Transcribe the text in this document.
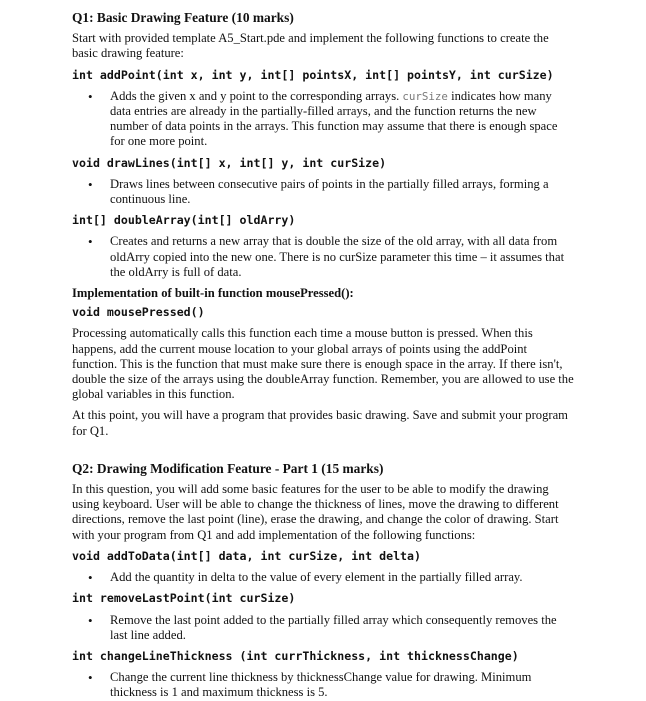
Q1: Basic Drawing Feature (10 marks)
Start with provided template A5_Start.pde and implement the following functions to create the basic drawing feature:
int addPoint(int x, int y, int[] pointsX, int[] pointsY, int curSize)
• Adds the given x and y point to the corresponding arrays. curSize indicates how many data entries are already in the partially-filled arrays, and the function returns the new number of data points in the arrays. This function may assume that there is enough space for one more point.
void drawLines(int[] x, int[] y, int curSize)
• Draws lines between consecutive pairs of points in the partially filled arrays, forming a continuous line.
int[] doubleArray(int[] oldArry)
• Creates and returns a new array that is double the size of the old array, with all data from oldArry copied into the new one. There is no curSize parameter this time – it assumes that the oldArry is full of data.
Implementation of built-in function mousePressed():
void mousePressed()
Processing automatically calls this function each time a mouse button is pressed. When this happens, add the current mouse location to your global arrays of points using the addPoint function. This is the function that must make sure there is enough space in the array. If there isn't, double the size of the arrays using the doubleArray function. Remember, you are allowed to use the global variables in this function.
At this point, you will have a program that provides basic drawing. Save and submit your program for Q1.
Q2: Drawing Modification Feature - Part 1 (15 marks)
In this question, you will add some basic features for the user to be able to modify the drawing using keyboard. User will be able to change the thickness of lines, move the drawing to different directions, remove the last point (line), erase the drawing, and change the color of drawing. Start with your program from Q1 and add implementation of the following functions:
void addToData(int[] data, int curSize, int delta)
• Add the quantity in delta to the value of every element in the partially filled array.
int removeLastPoint(int curSize)
• Remove the last point added to the partially filled array which consequently removes the last line added.
int changeLineThickness (int currThickness, int thicknessChange)
• Change the current line thickness by thicknessChange value for drawing. Minimum thickness is 1 and maximum thickness is 5.
